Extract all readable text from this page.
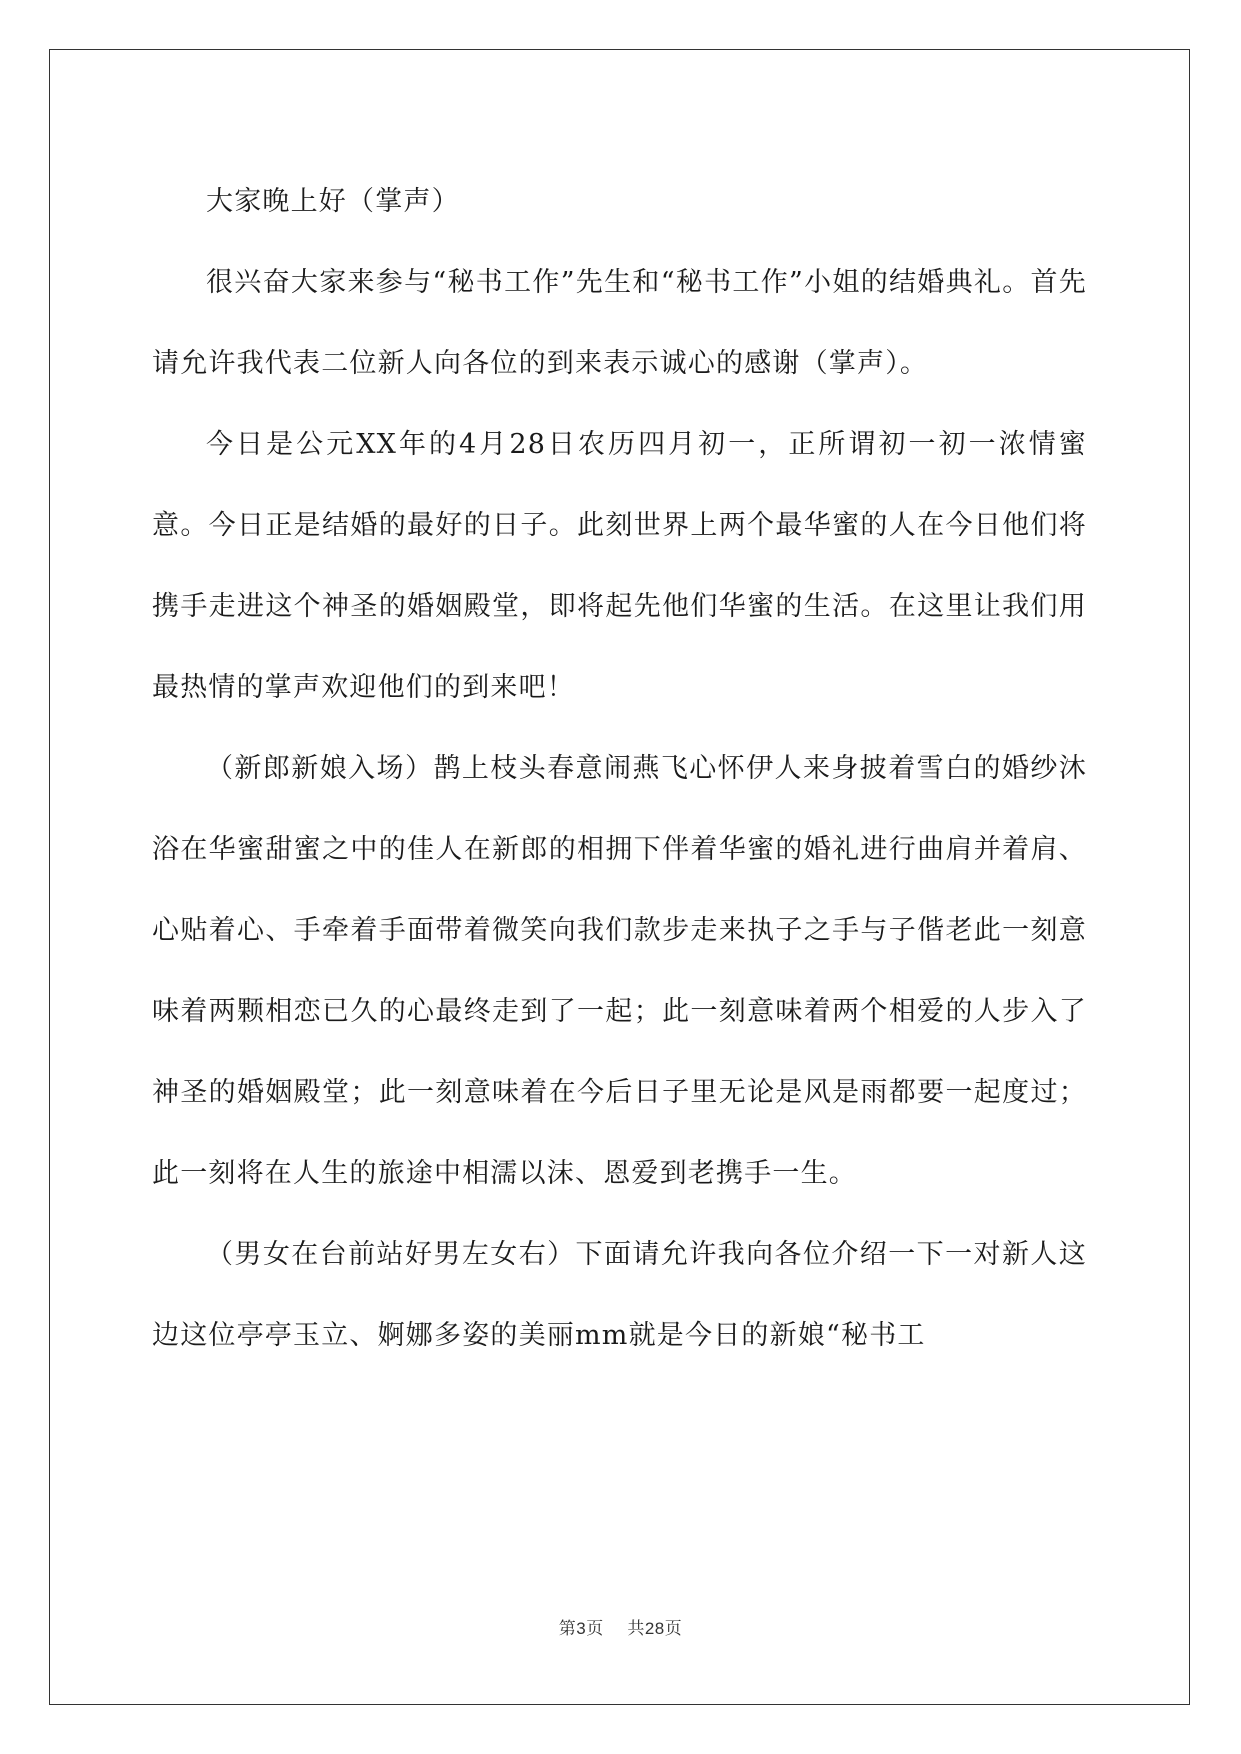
大家晚上好（掌声）

很兴奋大家来参与“秘书工作”先生和“秘书工作”小姐的结婚典礼。首先请允许我代表二位新人向各位的到来表示诚心的感谢（掌声）。

今日是公元XX年的4月28日农历四月初一，正所谓初一初一浓情蜜意。今日正是结婚的最好的日子。此刻世界上两个最华蜜的人在今日他们将携手走进这个神圣的婚姻殿堂，即将起先他们华蜜的生活。在这里让我们用最热情的掌声欢迎他们的到来吧！

（新郎新娘入场）鹊上枝头春意闹燕飞心怀伊人来身披着雪白的婚纱沐浴在华蜜甜蜜之中的佳人在新郎的相拥下伴着华蜜的婚礼进行曲肩并着肩、心贴着心、手牵着手面带着微笑向我们款步走来执子之手与子偕老此一刻意味着两颗相恋已久的心最终走到了一起；此一刻意味着两个相爱的人步入了神圣的婚姻殿堂；此一刻意味着在今后日子里无论是风是雨都要一起度过；此一刻将在人生的旅途中相濡以沫、恩爱到老携手一生。

（男女在台前站好男左女右）下面请允许我向各位介绍一下一对新人这边这位亭亭玉立、婀娜多姿的美丽mm就是今日的新娘“秘书工

第3页 共28页
